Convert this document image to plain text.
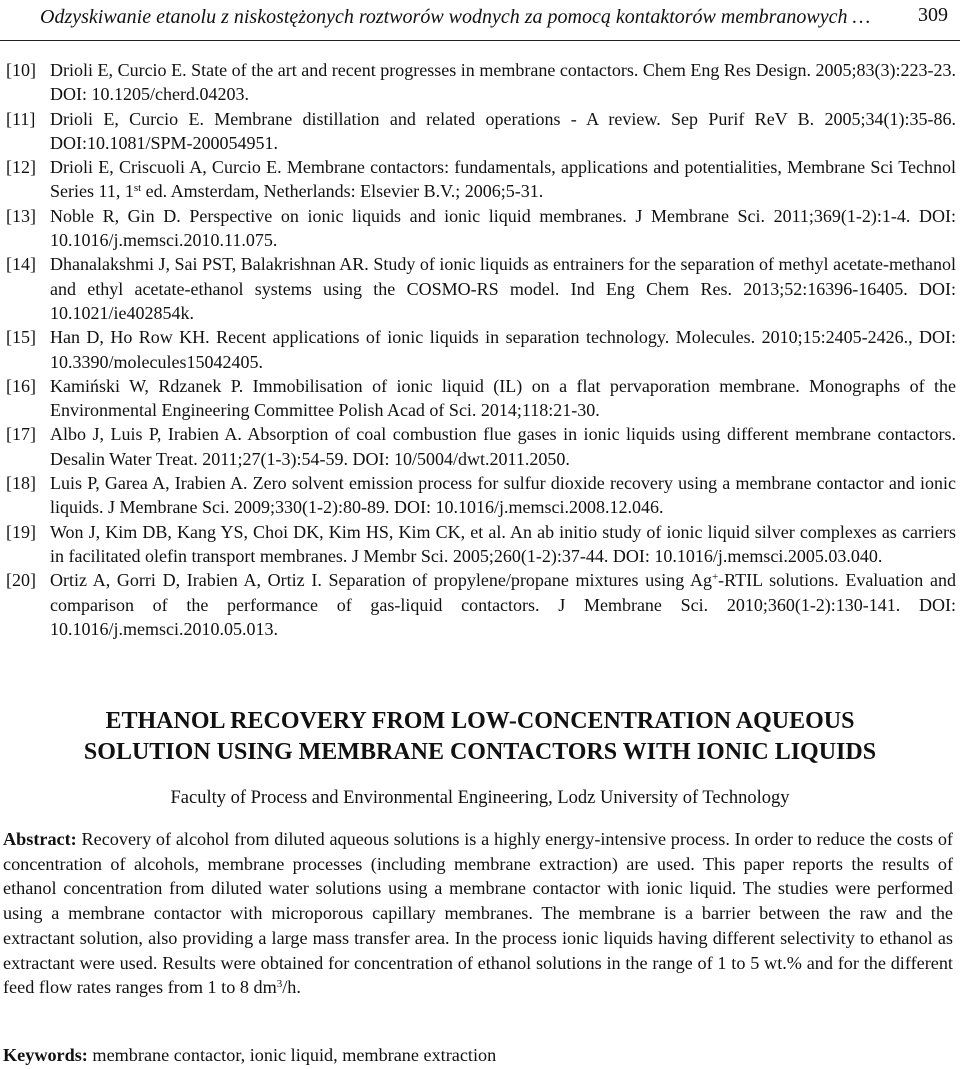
Odzyskiwanie etanolu z niskostężonych roztworów wodnych za pomocą kontaktorów membranowych … 309
[10] Drioli E, Curcio E. State of the art and recent progresses in membrane contactors. Chem Eng Res Design. 2005;83(3):223-23. DOI: 10.1205/cherd.04203.
[11] Drioli E, Curcio E. Membrane distillation and related operations - A review. Sep Purif ReV B. 2005;34(1):35-86. DOI:10.1081/SPM-200054951.
[12] Drioli E, Criscuoli A, Curcio E. Membrane contactors: fundamentals, applications and potentialities, Membrane Sci Technol Series 11, 1st ed. Amsterdam, Netherlands: Elsevier B.V.; 2006;5-31.
[13] Noble R, Gin D. Perspective on ionic liquids and ionic liquid membranes. J Membrane Sci. 2011;369(1-2):1-4. DOI: 10.1016/j.memsci.2010.11.075.
[14] Dhanalakshmi J, Sai PST, Balakrishnan AR. Study of ionic liquids as entrainers for the separation of methyl acetate-methanol and ethyl acetate-ethanol systems using the COSMO-RS model. Ind Eng Chem Res. 2013;52:16396-16405. DOI: 10.1021/ie402854k.
[15] Han D, Ho Row KH. Recent applications of ionic liquids in separation technology. Molecules. 2010;15:2405-2426., DOI: 10.3390/molecules15042405.
[16] Kamiński W, Rdzanek P. Immobilisation of ionic liquid (IL) on a flat pervaporation membrane. Monographs of the Environmental Engineering Committee Polish Acad of Sci. 2014;118:21-30.
[17] Albo J, Luis P, Irabien A. Absorption of coal combustion flue gases in ionic liquids using different membrane contactors. Desalin Water Treat. 2011;27(1-3):54-59. DOI: 10/5004/dwt.2011.2050.
[18] Luis P, Garea A, Irabien A. Zero solvent emission process for sulfur dioxide recovery using a membrane contactor and ionic liquids. J Membrane Sci. 2009;330(1-2):80-89. DOI: 10.1016/j.memsci.2008.12.046.
[19] Won J, Kim DB, Kang YS, Choi DK, Kim HS, Kim CK, et al. An ab initio study of ionic liquid silver complexes as carriers in facilitated olefin transport membranes. J Membr Sci. 2005;260(1-2):37-44. DOI: 10.1016/j.memsci.2005.03.040.
[20] Ortiz A, Gorri D, Irabien A, Ortiz I. Separation of propylene/propane mixtures using Ag+-RTIL solutions. Evaluation and comparison of the performance of gas-liquid contactors. J Membrane Sci. 2010;360(1-2):130-141. DOI: 10.1016/j.memsci.2010.05.013.
ETHANOL RECOVERY FROM LOW-CONCENTRATION AQUEOUS
SOLUTION USING MEMBRANE CONTACTORS WITH IONIC LIQUIDS
Faculty of Process and Environmental Engineering, Lodz University of Technology
Abstract: Recovery of alcohol from diluted aqueous solutions is a highly energy-intensive process. In order to reduce the costs of concentration of alcohols, membrane processes (including membrane extraction) are used. This paper reports the results of ethanol concentration from diluted water solutions using a membrane contactor with ionic liquid. The studies were performed using a membrane contactor with microporous capillary membranes. The membrane is a barrier between the raw and the extractant solution, also providing a large mass transfer area. In the process ionic liquids having different selectivity to ethanol as extractant were used. Results were obtained for concentration of ethanol solutions in the range of 1 to 5 wt.% and for the different feed flow rates ranges from 1 to 8 $dm^3/h$.
Keywords: membrane contactor, ionic liquid, membrane extraction
